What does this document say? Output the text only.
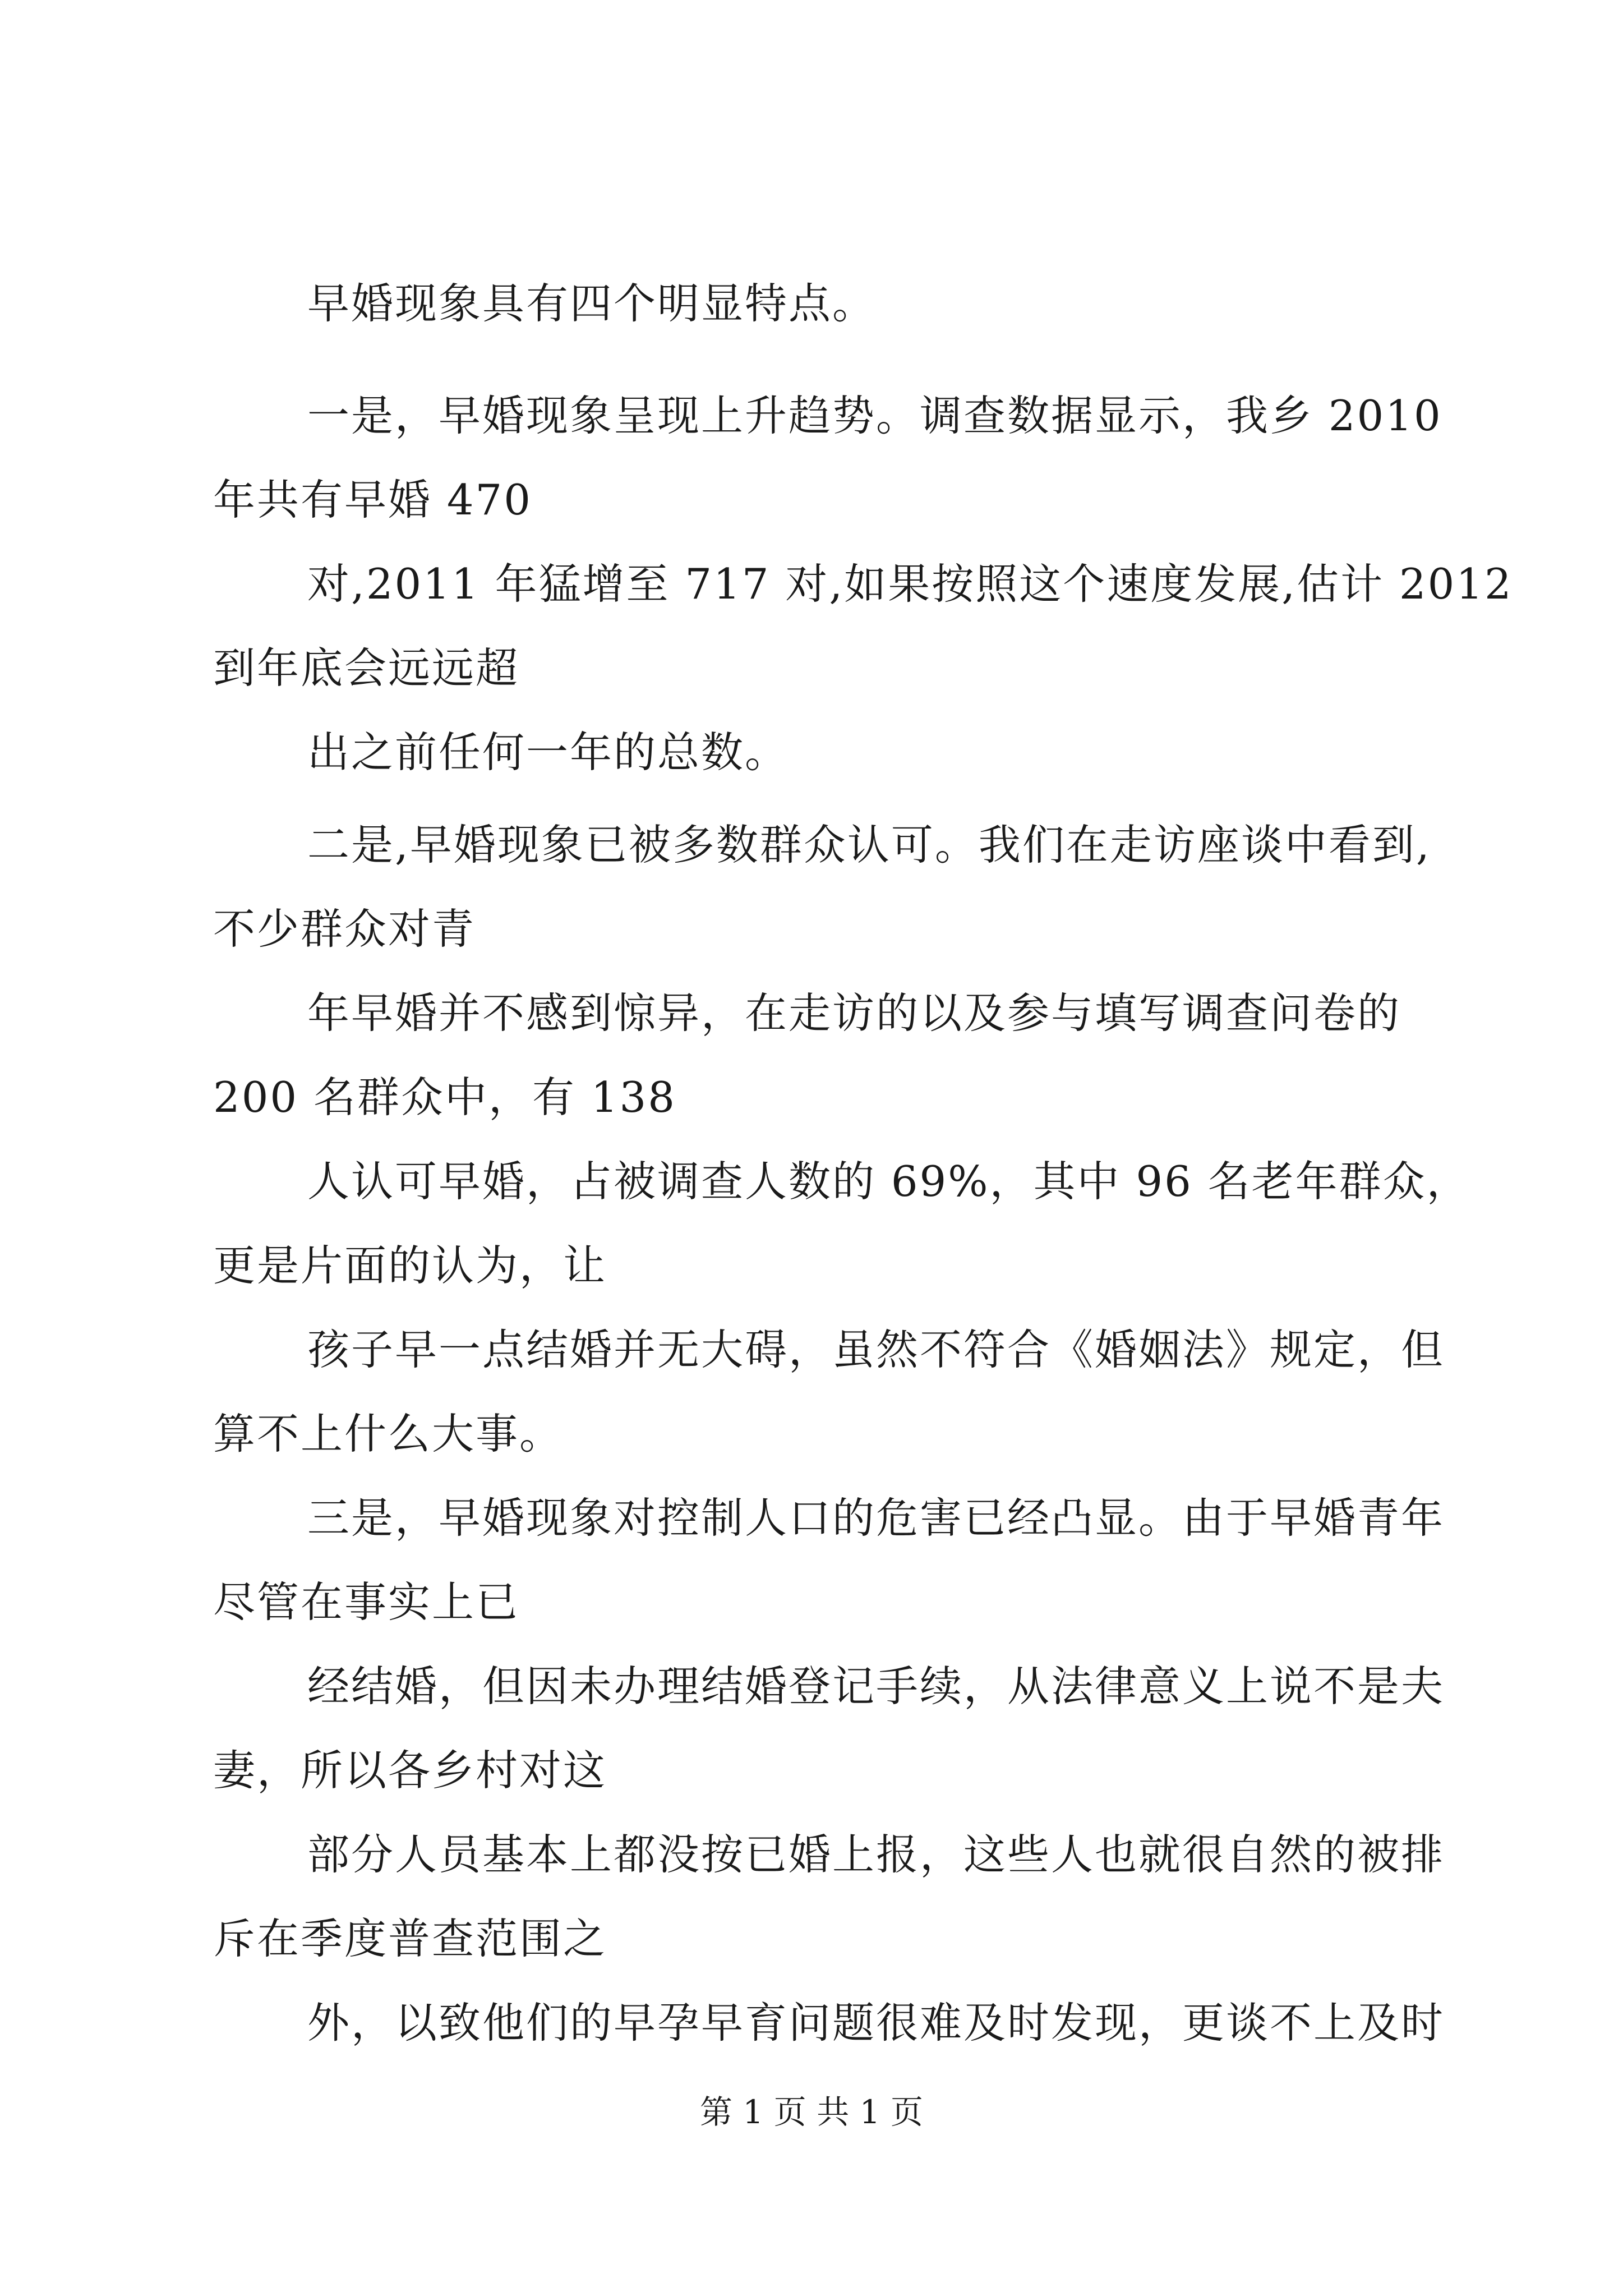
早婚现象具有四个明显特点。
一是，早婚现象呈现上升趋势。调查数据显示，我乡 2010
年共有早婚 470
对,2011 年猛增至 717 对,如果按照这个速度发展,估计 2012
到年底会远远超
出之前任何一年的总数。
二是,早婚现象已被多数群众认可。我们在走访座谈中看到,
不少群众对青
年早婚并不感到惊异，在走访的以及参与填写调查问卷的
200 名群众中，有 138
人认可早婚，占被调查人数的 69%，其中 96 名老年群众，
更是片面的认为，让
孩子早一点结婚并无大碍，虽然不符合《婚姻法》规定，但
算不上什么大事。
三是，早婚现象对控制人口的危害已经凸显。由于早婚青年
尽管在事实上已
经结婚，但因未办理结婚登记手续，从法律意义上说不是夫
妻，所以各乡村对这
部分人员基本上都没按已婚上报，这些人也就很自然的被排
斥在季度普查范围之
外，以致他们的早孕早育问题很难及时发现，更谈不上及时
第 1 页 共 1 页
